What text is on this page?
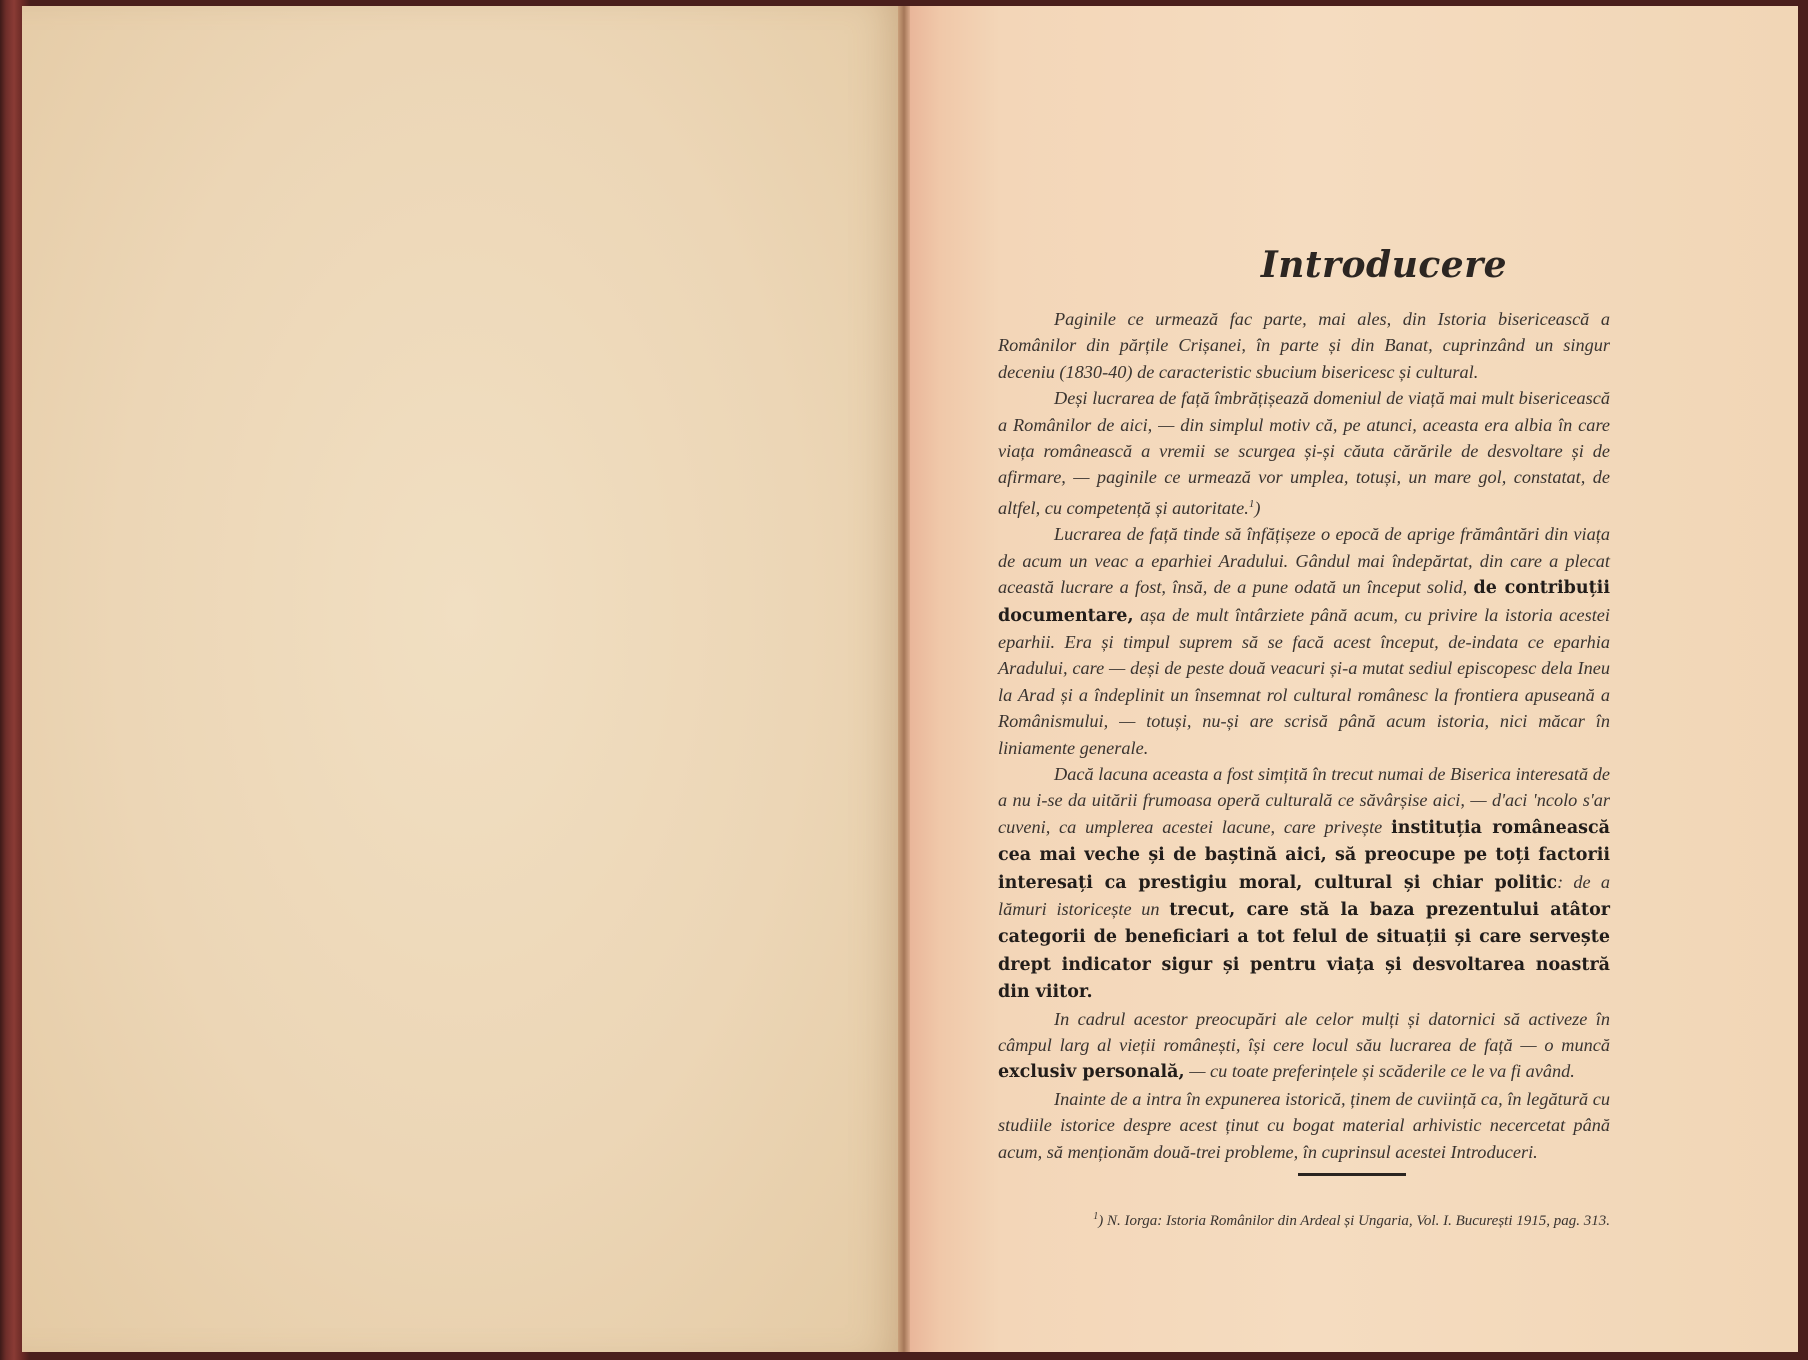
Introducere

Paginile ce urmează fac parte, mai ales, din Istoria bisericească a Românilor din părțile Crișanei, în parte și din Banat, cuprinzând un singur deceniu (1830-40) de caracteristic sbucium bisericesc și cultural.

Deși lucrarea de față îmbrățișează domeniul de viață mai mult bisericească a Românilor de aici, — din simplul motiv că, pe atunci, aceasta era albia în care viața românească a vremii se scurgea și-și căuta cărările de desvoltare și de afirmare, — paginile ce urmează vor umplea, totuși, un mare gol, constatat, de altfel, cu competență și autoritate.$^1$)

Lucrarea de față tinde să înfățișeze o epocă de aprige frământări din viața de acum un veac a eparhiei Aradului. Gândul mai îndepărtat, din care a plecat această lucrare a fost, însă, de a pune odată un început solid, de contribuții documentare, așa de mult întârziete până acum, cu privire la istoria acestei eparhii. Era și timpul suprem să se facă acest început, de-indata ce eparhia Aradului, care — deși de peste două veacuri și-a mutat sediul episcopesc dela Ineu la Arad și a îndeplinit un însemnat rol cultural românesc la frontiera apuseană a Românismului, — totuși, nu-și are scrisă până acum istoria, nici măcar în liniamente generale.

Dacă lacuna aceasta a fost simțită în trecut numai de Biserica interesată de a nu i-se da uitării frumoasa operă culturală ce săvârșise aici, — d'aci 'ncolo s'ar cuveni, ca umplerea acestei lacune, care privește instituția românească cea mai veche și de baștină aici, să preocupe pe toți factorii interesați ca prestigiu moral, cultural și chiar politic: de a lămuri istoricește un trecut, care stă la baza prezentului atâtor categorii de beneficiari a tot felul de situații și care servește drept indicator sigur și pentru viața și desvoltarea noastră din viitor.

In cadrul acestor preocupări ale celor mulți și datornici să activeze în câmpul larg al vieții românești, își cere locul său lucrarea de față — o muncă exclusiv personală, — cu toate preferințele și scăderile ce le va fi având.

Inainte de a intra în expunerea istorică, ținem de cuviință ca, în legătură cu studiile istorice despre acest ținut cu bogat material arhivistic necercetat până acum, să menționăm două-trei probleme, în cuprinsul acestei Introduceri.

$^1$) N. Iorga: Istoria Românilor din Ardeal și Ungaria, Vol. I. București 1915, pag. 313.
